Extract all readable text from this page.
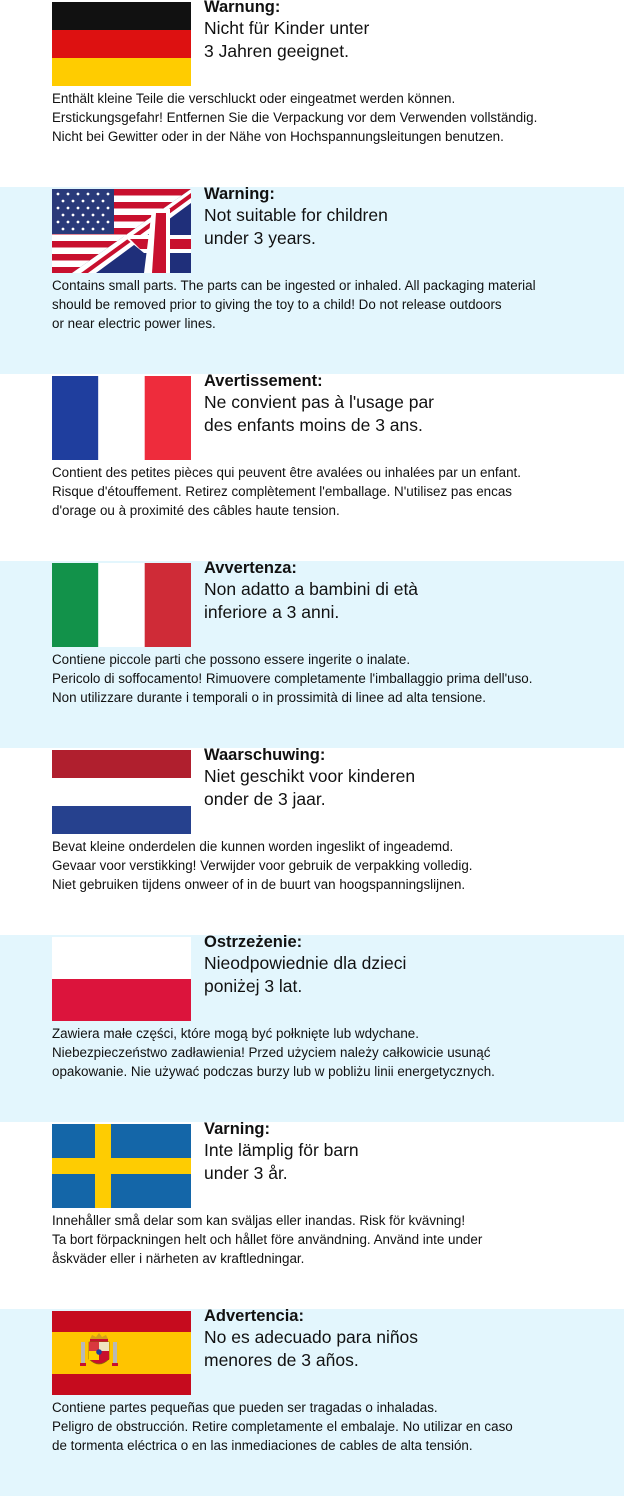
Warnung:
Nicht für Kinder unter
3 Jahren geeignet.
Enthält kleine Teile die verschluckt oder eingeatmet werden können.
Erstickungsgefahr! Entfernen Sie die Verpackung vor dem Verwenden vollständig.
Nicht bei Gewitter oder in der Nähe von Hochspannungsleitungen benutzen.
Warning:
Not suitable for children
under 3 years.
Contains small parts. The parts can be ingested or inhaled. All packaging material
should be removed prior to giving the toy to a child! Do not release outdoors
or near electric power lines.
Avertissement:
Ne convient pas à l'usage par
des enfants moins de 3 ans.
Contient des petites pièces qui peuvent être avalées ou inhalées par un enfant.
Risque d'étouffement. Retirez complètement l'emballage. N'utilisez pas encas
d'orage ou à proximité des câbles haute tension.
Avvertenza:
Non adatto a bambini di età
inferiore a 3 anni.
Contiene piccole parti che possono essere ingerite o inalate.
Pericolo di soffocamento! Rimuovere completamente l'imballaggio prima dell'uso.
Non utilizzare durante i temporali o in prossimità di linee ad alta tensione.
Waarschuwing:
Niet geschikt voor kinderen
onder de 3 jaar.
Bevat kleine onderdelen die kunnen worden ingeslikt of ingeademd.
Gevaar voor verstikking! Verwijder voor gebruik de verpakking volledig.
Niet gebruiken tijdens onweer of in de buurt van hoogspanningslijnen.
Ostrzeżenie:
Nieodpowiednie dla dzieci
poniżej 3 lat.
Zawiera małe części, które mogą być połknięte lub wdychane.
Niebezpieczeństwo zadławienia! Przed użyciem należy całkowicie usunąć
opakowanie. Nie używać podczas burzy lub w pobliżu linii energetycznych.
Varning:
Inte lämplig för barn
under 3 år.
Innehåller små delar som kan sväljas eller inandas. Risk för kvävning!
Ta bort förpackningen helt och hållet före användning. Använd inte under
åskväder eller i närheten av kraftledningar.
Advertencia:
No es adecuado para niños
menores de 3 años.
Contiene partes pequeñas que pueden ser tragadas o inhaladas.
Peligro de obstrucción. Retire completamente el embalaje. No utilizar en caso
de tormenta eléctrica o en las inmediaciones de cables de alta tensión.
